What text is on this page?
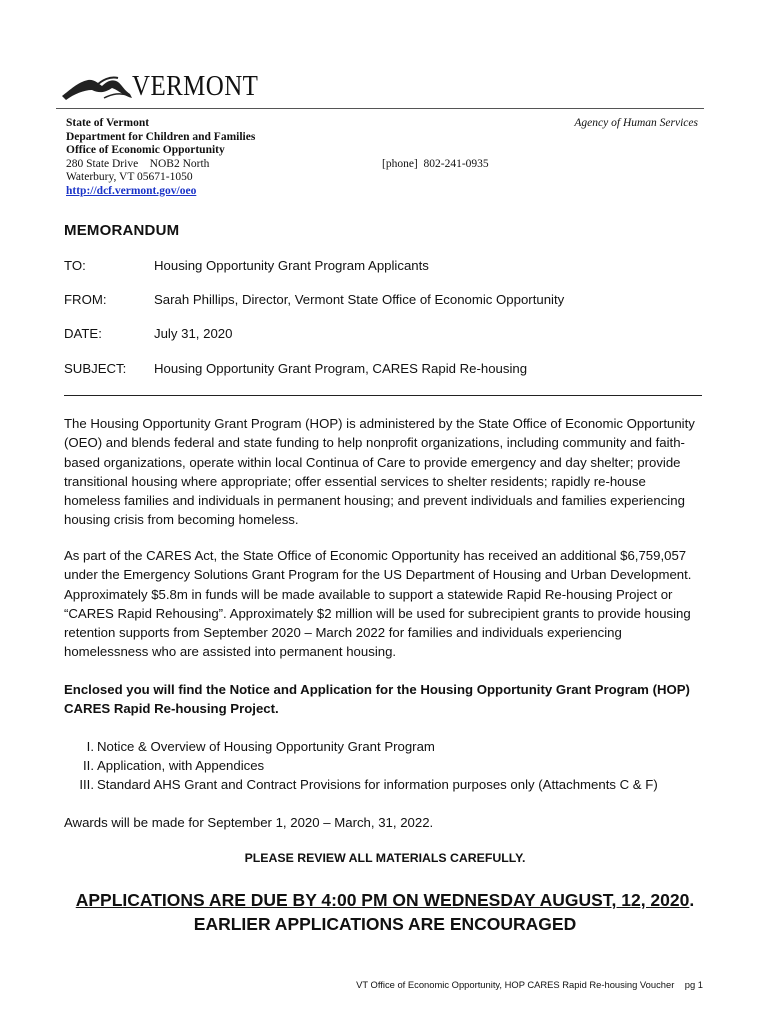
VERMONT
State of Vermont
Department for Children and Families
Office of Economic Opportunity
280 State Drive    NOB2 North
Waterbury, VT 05671-1050
http://dcf.vermont.gov/oeo
Agency of Human Services
[phone]  802-241-0935
MEMORANDUM
TO:	Housing Opportunity Grant Program Applicants
FROM:	Sarah Phillips, Director, Vermont State Office of Economic Opportunity
DATE:	July 31, 2020
SUBJECT: Housing Opportunity Grant Program, CARES Rapid Re-housing
The Housing Opportunity Grant Program (HOP) is administered by the State Office of Economic Opportunity (OEO) and blends federal and state funding to help nonprofit organizations, including community and faith-based organizations, operate within local Continua of Care to provide emergency and day shelter; provide transitional housing where appropriate; offer essential services to shelter residents; rapidly re-house homeless families and individuals in permanent housing; and prevent individuals and families experiencing housing crisis from becoming homeless.
As part of the CARES Act, the State Office of Economic Opportunity has received an additional $6,759,057 under the Emergency Solutions Grant Program for the US Department of Housing and Urban Development. Approximately $5.8m in funds will be made available to support a statewide Rapid Re-housing Project or “CARES Rapid Rehousing”. Approximately $2 million will be used for subrecipient grants to provide housing retention supports from September 2020 – March 2022 for families and individuals experiencing homelessness who are assisted into permanent housing.
Enclosed you will find the Notice and Application for the Housing Opportunity Grant Program (HOP) CARES Rapid Re-housing Project.
I. Notice & Overview of Housing Opportunity Grant Program
II. Application, with Appendices
III. Standard AHS Grant and Contract Provisions for information purposes only (Attachments C & F)
Awards will be made for September 1, 2020 – March, 31, 2022.
PLEASE REVIEW ALL MATERIALS CAREFULLY.
APPLICATIONS ARE DUE BY 4:00 PM ON WEDNESDAY AUGUST, 12, 2020.
EARLIER APPLICATIONS ARE ENCOURAGED
VT Office of Economic Opportunity, HOP CARES Rapid Re-housing Voucher    pg 1
